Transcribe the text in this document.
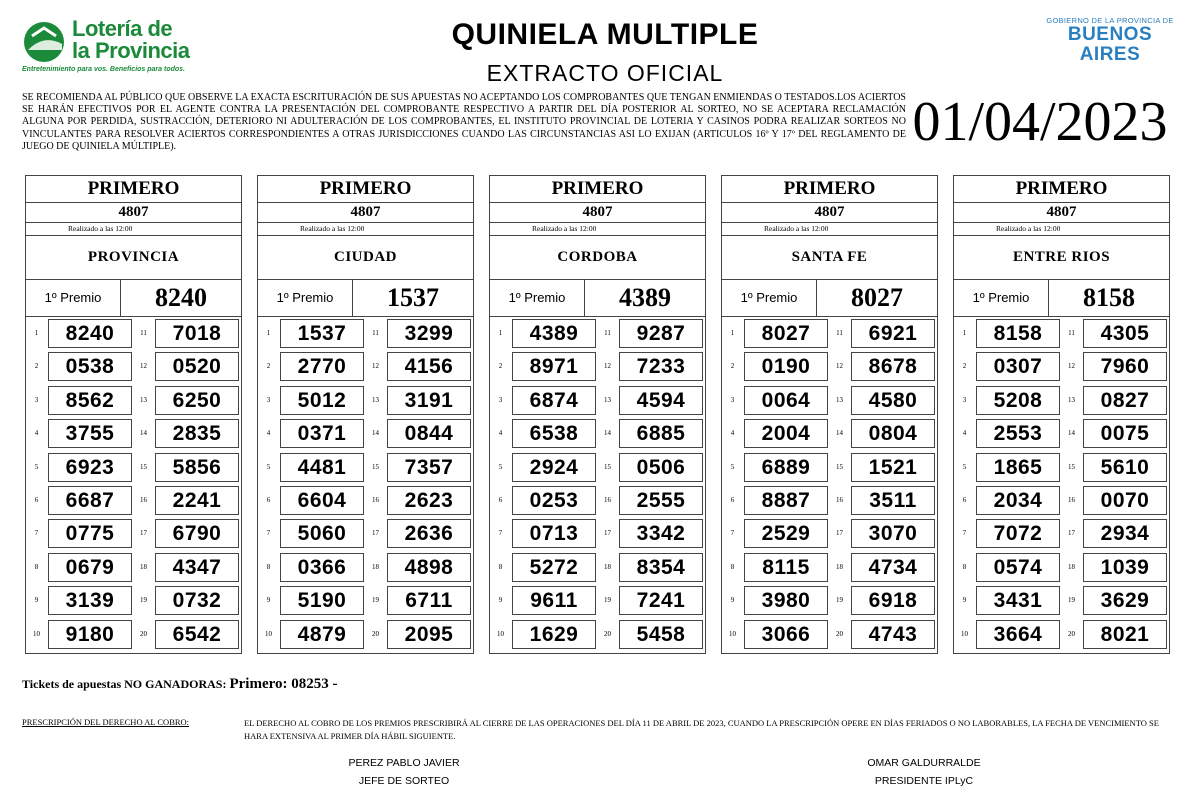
Lotería de
la Provincia
Entretenimiento para vos. Beneficios para todos.
QUINIELA MULTIPLE
EXTRACTO OFICIAL
GOBIERNO DE LA PROVINCIA DE
BUENOS AIRES
SE RECOMIENDA AL PÚBLICO QUE OBSERVE LA EXACTA ESCRITURACIÓN DE SUS APUESTAS NO ACEPTANDO LOS COMPROBANTES QUE TENGAN ENMIENDAS O TESTADOS.LOS ACIERTOS SE HARÁN EFECTIVOS POR EL AGENTE CONTRA LA PRESENTACIÓN DEL COMPROBANTE RESPECTIVO A PARTIR DEL DÍA POSTERIOR AL SORTEO, NO SE ACEPTARA RECLAMACIÓN ALGUNA POR PERDIDA, SUSTRACCIÓN, DETERIORO NI ADULTERACIÓN DE LOS COMPROBANTES, EL INSTITUTO PROVINCIAL DE LOTERIA Y CASINOS PODRA REALIZAR SORTEOS NO VINCULANTES PARA RESOLVER ACIERTOS CORRESPONDIENTES A OTRAS JURISDICCIONES CUANDO LAS CIRCUNSTANCIAS ASI LO EXIJAN (ARTICULOS 16º Y 17º DEL REGLAMENTO DE JUEGO DE QUINIELA MÚLTIPLE).	01/04/2023
PRIMERO
4807
Realizado a las 12:00
PROVINCIA
1º Premio	8240
1	8240	11	7018
2	0538	12	0520
3	8562	13	6250
4	3755	14	2835
5	6923	15	5856
6	6687	16	2241
7	0775	17	6790
8	0679	18	4347
9	3139	19	0732
10	9180	20	6542
PRIMERO
4807
Realizado a las 12:00
CIUDAD
1º Premio	1537
1	1537	11	3299
2	2770	12	4156
3	5012	13	3191
4	0371	14	0844
5	4481	15	7357
6	6604	16	2623
7	5060	17	2636
8	0366	18	4898
9	5190	19	6711
10	4879	20	2095
PRIMERO
4807
Realizado a las 12:00
CORDOBA
1º Premio	4389
1	4389	11	9287
2	8971	12	7233
3	6874	13	4594
4	6538	14	6885
5	2924	15	0506
6	0253	16	2555
7	0713	17	3342
8	5272	18	8354
9	9611	19	7241
10	1629	20	5458
PRIMERO
4807
Realizado a las 12:00
SANTA FE
1º Premio	8027
1	8027	11	6921
2	0190	12	8678
3	0064	13	4580
4	2004	14	0804
5	6889	15	1521
6	8887	16	3511
7	2529	17	3070
8	8115	18	4734
9	3980	19	6918
10	3066	20	4743
PRIMERO
4807
Realizado a las 12:00
ENTRE RIOS
1º Premio	8158
1	8158	11	4305
2	0307	12	7960
3	5208	13	0827
4	2553	14	0075
5	1865	15	5610
6	2034	16	0070
7	7072	17	2934
8	0574	18	1039
9	3431	19	3629
10	3664	20	8021
Tickets de apuestas NO GANADORAS: Primero: 08253 -
PRESCRIPCIÓN DEL DERECHO AL COBRO:	EL DERECHO AL COBRO DE LOS PREMIOS PRESCRIBIRÁ AL CIERRE DE LAS OPERACIONES DEL DÍA 11 DE ABRIL DE 2023, CUANDO LA PRESCRIPCIÓN OPERE EN DÍAS FERIADOS O NO LABORABLES, LA FECHA DE VENCIMIENTO SE HARA EXTENSIVA AL PRIMER DÍA HÁBIL SIGUIENTE.
PEREZ PABLO JAVIER
JEFE DE SORTEO
OMAR GALDURRALDE
PRESIDENTE IPLyC
